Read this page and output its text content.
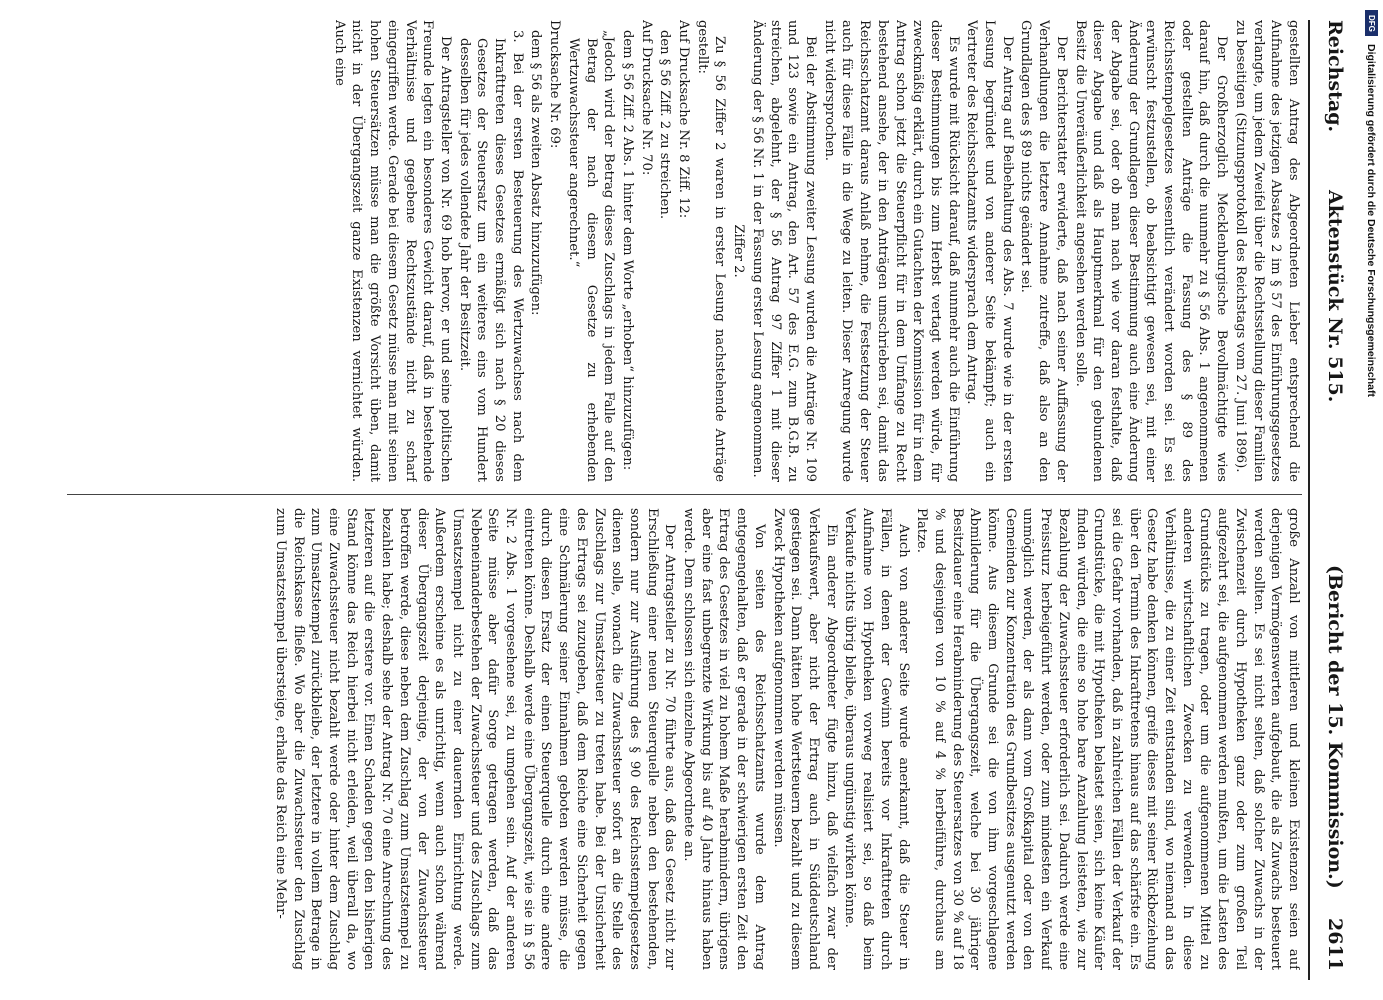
Reichstag.
Aktenstück Nr. 515.
(Bericht der 15. Kommission.)
2611

gestellten Antrag des Abgeordneten Lieber entsprechend die Aufnahme des jetzigen Absatzes 2 im § 57 des Einführungsgesetzes verlangte, um jedem Zweifel über die Rechtsstellung dieser Familien zu beseitigen (Sitzungsprotokoll des Reichstags vom 27. Juni 1896).

Der Großherzoglich Mecklenburgische Bevollmächtigte wies darauf hin, daß durch die nunmehr zu § 56 Abs. 1 angenommenen oder gestellten Anträge die Fassung des § 89 des Reichsstempelgesetzes wesentlich verändert worden sei. Es sei erwünscht festzustellen, ob beabsichtigt gewesen sei, mit einer Änderung der Grundlagen dieser Bestimmung auch eine Änderung der Abgabe sei, oder ob man nach wie vor daran festhalte, daß dieser Abgabe und daß als Hauptmerkmal für den gebundenen Besitz die Unveräußerlichkeit angesehen werden solle.

Der Berichterstatter erwiderte, daß nach seiner Auffassung der Verhandlungen die letztere Annahme zutreffe, daß also an den Grundlagen des § 89 nichts geändert sei.

Der Antrag auf Beibehaltung des Abs. 7 wurde wie in der ersten Lesung begründet und von anderer Seite bekämpft; auch ein Vertreter des Reichsschatzamts widersprach dem Antrag.

Es wurde mit Rücksicht darauf, daß nunmehr auch die Einführung dieser Bestimmungen bis zum Herbst vertagt werden würde, für zweckmäßig erklärt, durch ein Gutachten der Kommission für in dem Antrag schon jetzt die Steuerpflicht für in dem Umfange zu Recht bestehend ansehe, der in den Anträgen umschrieben sei, damit das Reichsschatzamt daraus Anlaß nehme, die Festsetzung der Steuer auch für diese Fälle in die Wege zu leiten. Dieser Anregung wurde nicht widersprochen.

Bei der Abstimmung zweiter Lesung wurden die Anträge Nr. 109 und 123 sowie ein Antrag, den Art. 57 des E.G. zum B.G.B. zu streichen, abgelehnt, der § 56 Antrag 97 Ziffer 1 mit dieser Änderung der § 56 Nr. 1 in der Fassung erster Lesung angenommen.

Ziffer 2.

Zu § 56 Ziffer 2 waren in erster Lesung nachstehende Anträge gestellt:

Auf Drucksache Nr. 8 Ziff. 12:

den § 56 Ziff. 2 zu streichen.

Auf Drucksache Nr. 70:

dem § 56 Ziff. 2 Abs. 1 hinter dem Worte „erhoben“ hinzuzufügen:

„Jedoch wird der Betrag dieses Zuschlags in jedem Falle auf den Betrag der nach diesem Gesetze zu erhebenden Wertzuwachssteuer angerechnet.“

Drucksache Nr. 69:

dem § 56 als zweiten Absatz hinzuzufügen:

3. Bei der ersten Besteuerung des Wertzuwachses nach dem Inkrafttreten dieses Gesetzes ermäßigt sich nach § 20 dieses Gesetzes der Steuersatz um ein weiteres eins vom Hundert desselben für jedes vollendete Jahr der Besitzzeit.

Der Antragsteller von Nr. 69 hob hervor, er und seine politischen Freunde legten ein besonderes Gewicht darauf, daß in bestehende Verhältnisse und gegebene Rechtszustände nicht zu scharf eingegriffen werde. Gerade bei diesem Gesetz müsse man mit seinen hohen Steuersätzen müsse man die größte Vorsicht üben, damit nicht in der Übergangszeit ganze Existenzen vernichtet würden. Auch eine

große Anzahl von mittleren und kleinen Existenzen seien auf derjenigen Vermögenswerten aufgebaut, die als Zuwachs besteuert werden sollten. Es sei nicht selten, daß solcher Zuwachs in der Zwischenzeit durch Hypotheken ganz oder zum großen Teil aufgezehrt sei, die aufgenommen werden mußten, um die Lasten des Grundstücks zu tragen, oder um die aufgenommenen Mittel zu anderen wirtschaftlichen Zwecken zu verwenden. In diese Verhältnisse, die zu einer Zeit entstanden sind, wo niemand an das Gesetz habe denken können, greife dieses mit seiner Rückbeziehung über den Termin des Inkrafttretens hinaus auf das schärfste ein. Es sei die Gefahr vorhanden, daß in zahlreichen Fällen der Verkauf der Grundstücke, die mit Hypotheken belastet seien, sich keine Käufer finden würden, die eine so hohe bare Anzahlung leisteten, wie zur Bezahlung der Zuwachssteuer erforderlich sei. Dadurch werde eine Preissturz herbeigeführt werden, oder zum mindesten ein Verkauf unmöglich werden, der als dann vom Großkapital oder von den Gemeinden zur Konzentration des Grundbesitzes ausgenutzt werden könne. Aus diesem Grunde sei die von ihm vorgeschlagene Abmilderung für die Übergangszeit, welche bei 30 jähriger Besitzdauer eine Herabminderung des Steuersatzes von 30 % auf 18 % und desjenigen von 10 % auf 4 % herbeiführe, durchaus am Platze.

Auch von anderer Seite wurde anerkannt, daß die Steuer in Fällen, in denen der Gewinn bereits vor Inkrafttreten durch Aufnahme von Hypotheken vorweg realisiert sei, so daß beim Verkaufe nichts übrig bleibe, überaus ungünstig wirken könne.

Ein anderer Abgeordneter fügte hinzu, daß vielfach zwar der Verkaufswert, aber nicht der Ertrag auch in Süddeutschland gestiegen sei. Dann hätten hohe Wertsteuern bezahlt und zu diesem Zweck Hypotheken aufgenommen werden müssen.

Von seiten des Reichsschatzamts wurde dem Antrag entgegengehalten, daß er gerade in der schwierigen ersten Zeit den Ertrag des Gesetzes in viel zu hohem Maße herabmindern, übrigens aber eine fast unbegrenzte Wirkung bis auf 40 Jahre hinaus haben werde. Dem schlossen sich einzelne Abgeordnete an.

Der Antragsteller zu Nr. 70 führte aus, daß das Gesetz nicht zur Erschließung einer neuen Steuerquelle neben den bestehenden, sondern nur zur Ausführung des § 90 des Reichsstempelgesetzes dienen solle, wonach die Zuwachssteuer sofort an die Stelle des Zuschlags zur Umsatzsteuer zu treten habe. Bei der Unsicherheit des Ertrags sei zuzugeben, daß dem Reiche eine Sicherheit gegen eine Schmälerung seiner Einnahmen geboten werden müsse, die durch diesen Ersatz der einen Steuerquelle durch eine andere eintreten könne. Deshalb werde eine Übergangszeit, wie sie in § 56 Nr. 2 Abs. 1 vorgesehene sei, zu umgehen sein. Auf der anderen Seite müsse aber dafür Sorge getragen werden, daß das Nebeneinanderbestehen der Zuwachssteuer und des Zuschlags zum Umsatzstempel nicht zu einer dauernden Einrichtung werde. Außerdem erscheine es als unrichtig, wenn auch schon während dieser Übergangszeit derjenige, der von der Zuwachssteuer betroffen werde, diese neben dem Zuschlag zum Umsatzstempel zu bezahlen habe; deshalb sehe der Antrag Nr. 70 eine Anrechnung des letzteren auf die erstere vor. Einen Schaden gegen den bisherigen Stand könne das Reich hierbei nicht erleiden, weil überall da, wo eine Zuwachssteuer nicht bezahlt werde oder hinter dem Zuschlag zum Umsatzstempel zurückbleibe, der letztere in vollem Betrage in die Reichskasse fließe. Wo aber die Zuwachssteuer den Zuschlag zum Umsatzstempel übersteige, erhalte das Reich eine Mehr-

DFG
Digitalisierung gefördert durch die Deutsche Forschungsgemeinschaft
